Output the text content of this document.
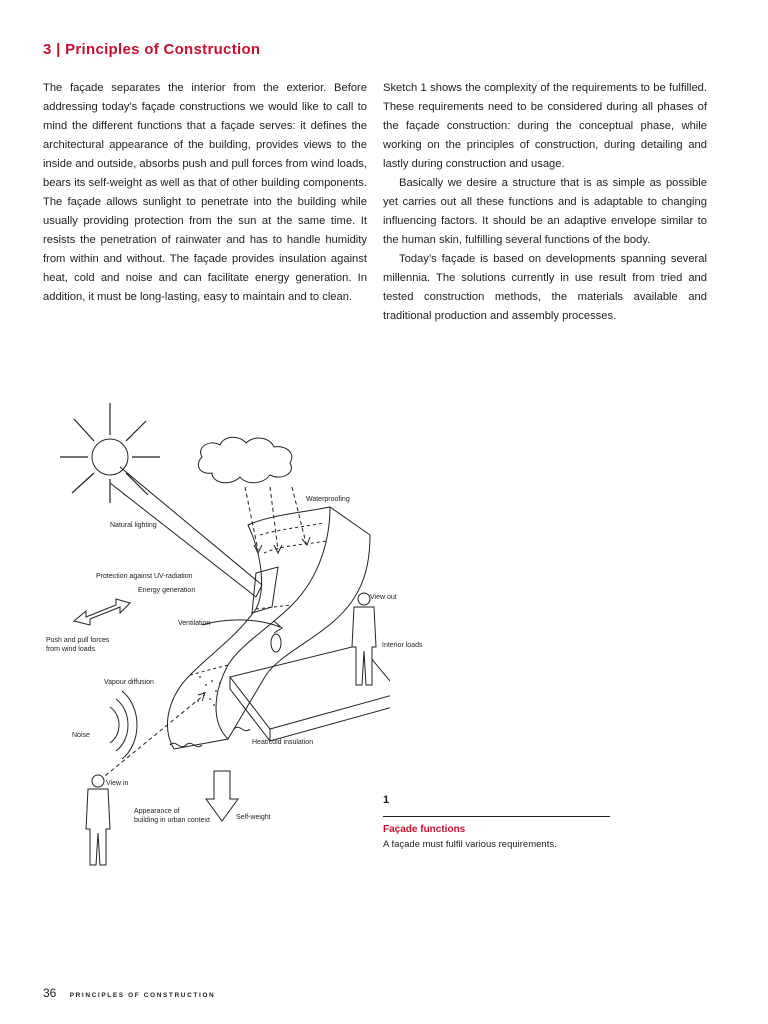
3 | Principles of Construction

The façade separates the interior from the exterior. Before addressing today’s façade constructions we would like to call to mind the different functions that a façade serves: it defines the architectural appearance of the building, provides views to the inside and outside, absorbs push and pull forces from wind loads, bears its self-weight as well as that of other building components. The façade allows sunlight to penetrate into the building while usually providing protection from the sun at the same time. It resists the penetration of rainwater and has to handle humidity from within and without. The façade provides insulation against heat, cold and noise and can facilitate energy generation. In addition, it must be long-lasting, easy to maintain and to clean.

Sketch 1 shows the complexity of the requirements to be fulfilled. These requirements need to be considered during all phases of the façade construction: during the conceptual phase, while working on the principles of construction, during detailing and lastly during construction and usage.

Basically we desire a structure that is as simple as possible yet carries out all these functions and is adaptable to changing influencing factors. It should be an adaptive envelope similar to the human skin, fulfilling several functions of the body.

Today’s façade is based on developments spanning several millennia. The solutions currently in use result from tried and tested construction methods, the materials available and traditional production and assembly processes.

Waterproofing
Natural lighting
Protection against UV-radiation
Energy generation
View out
Ventilation
Push and pull forces
from wind loads
Interior loads
Vapour diffusion
Noise
Heat/cold insulation
View in
Appearance of
building in urban context	Self-weight
1
Façade functions
A façade must fulfil various requirements.
36 PRINCIPLES OF CONSTRUCTION
